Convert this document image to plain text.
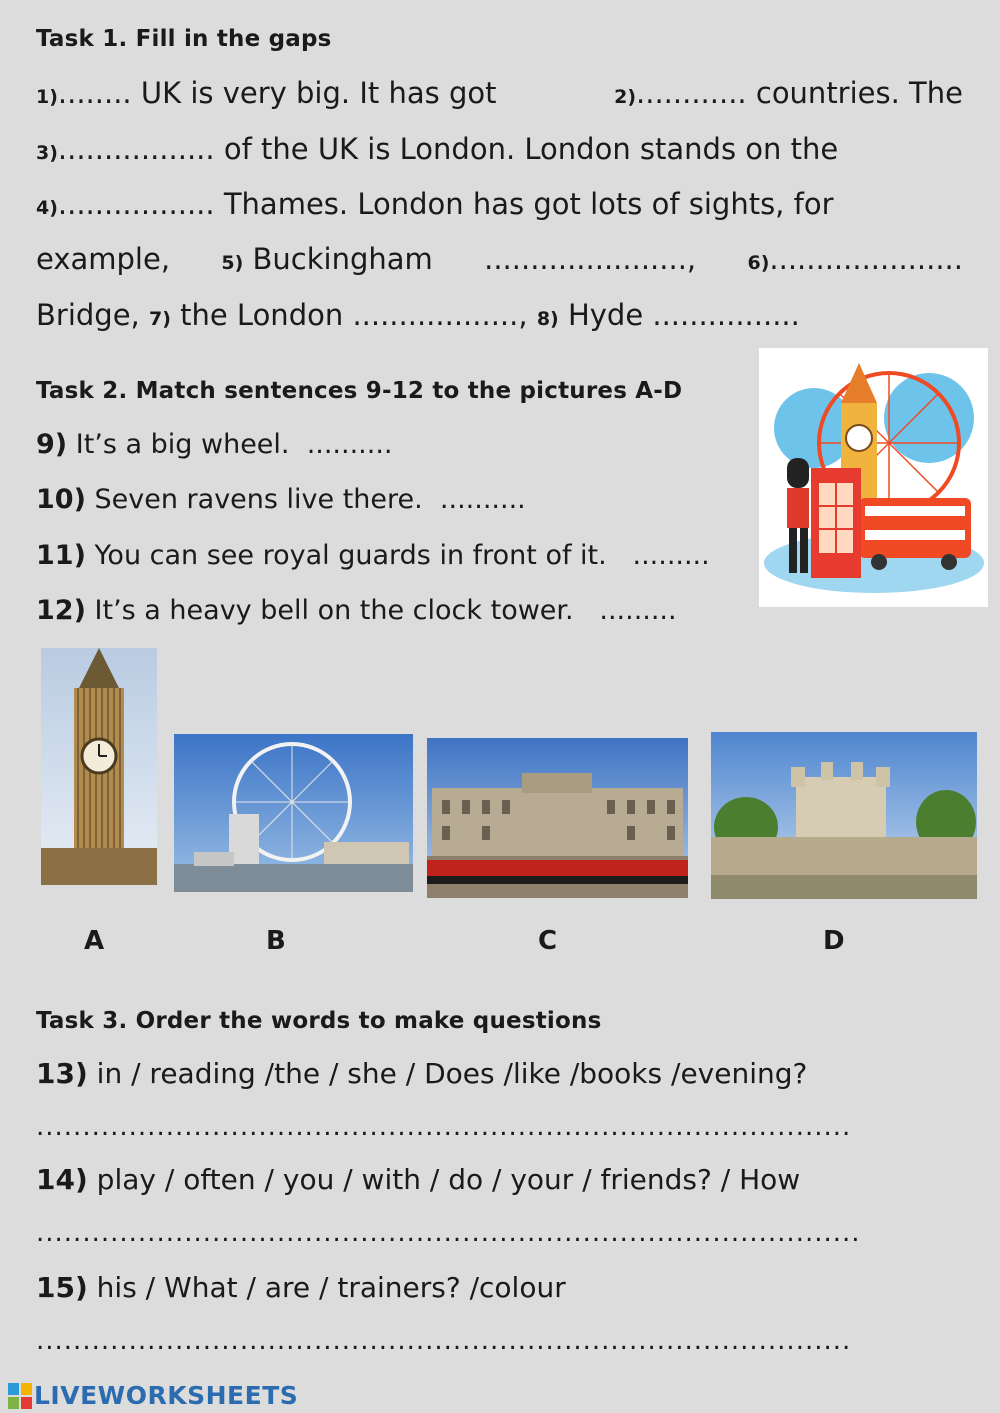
Task 1. Fill in the gaps
1)........ UK is very big. It has got	2)............ countries. The
3)................. of the UK is London. London stands on the
4)................. Thames. London has got lots of sights, for
example,	5) Buckingham ......................,	6).....................
Bridge, 7) the London .................., 8) Hyde ................
Task 2. Match sentences 9-12 to the pictures A-D
9) It’s a big wheel. ..........
10) Seven ravens live there. ..........
11) You can see royal guards in front of it. .........
12) It’s a heavy bell on the clock tower. .........
A	B	C	D
Task 3. Order the words to make questions
13) in / reading /the / she / Does /like /books /evening?
........................................................................................
14) play / often / you / with / do / your / friends? / How
.........................................................................................
15) his / What / are / trainers? /colour
........................................................................................
LIVEWORKSHEETS
